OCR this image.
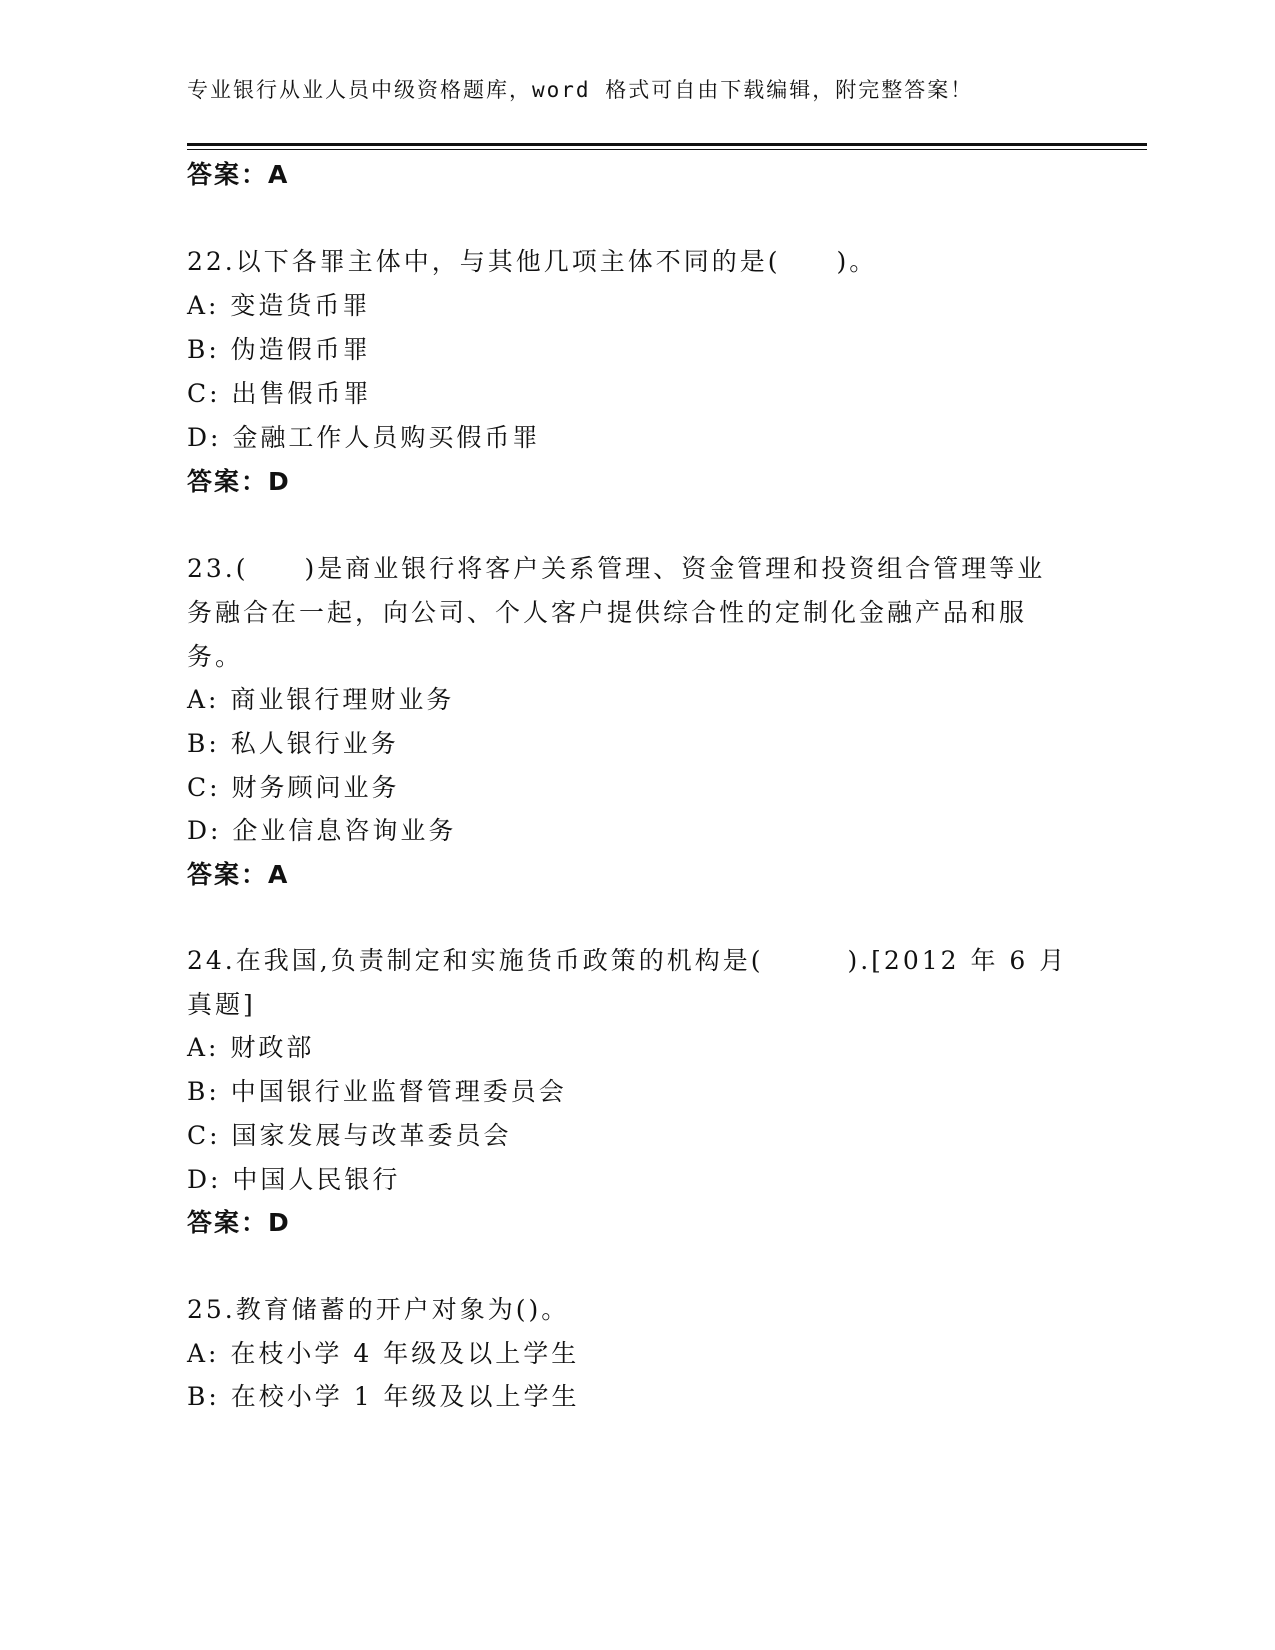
专业银行从业人员中级资格题库，word 格式可自由下载编辑，附完整答案！
答案：A
22.以下各罪主体中，与其他几项主体不同的是(　　)。
A: 变造货币罪
B: 伪造假币罪
C: 出售假币罪
D: 金融工作人员购买假币罪
答案：D
23.(　　)是商业银行将客户关系管理、资金管理和投资组合管理等业
务融合在一起，向公司、个人客户提供综合性的定制化金融产品和服
务。
A: 商业银行理财业务
B: 私人银行业务
C: 财务顾问业务
D: 企业信息咨询业务
答案：A
24.在我国,负责制定和实施货币政策的机构是(　　　).[2012 年 6 月
真题]
A: 财政部
B: 中国银行业监督管理委员会
C: 国家发展与改革委员会
D: 中国人民银行
答案：D
25.教育储蓄的开户对象为()。
A: 在枝小学 4 年级及以上学生
B: 在校小学 1 年级及以上学生
